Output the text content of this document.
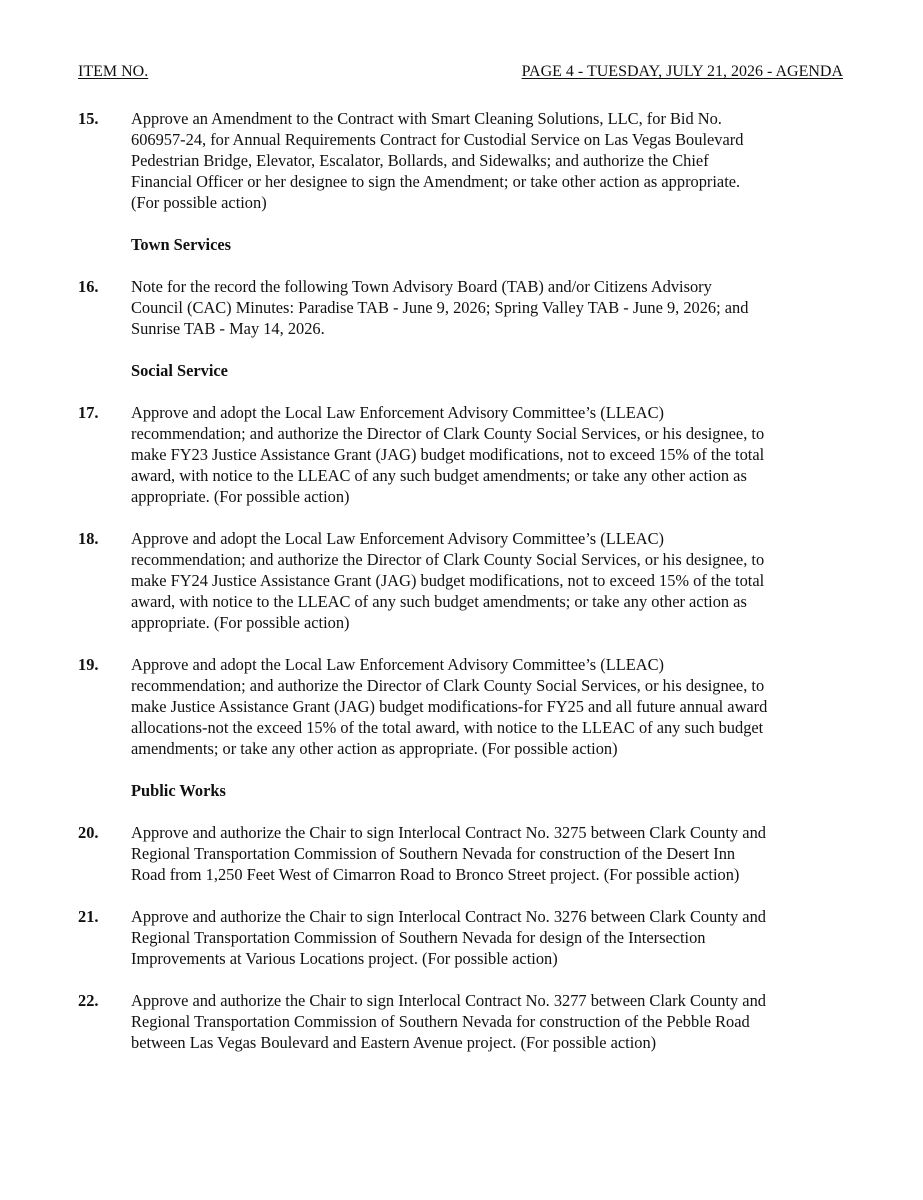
ITEM NO.	PAGE 4 - TUESDAY, JULY 21, 2026 - AGENDA
15.	Approve an Amendment to the Contract with Smart Cleaning Solutions, LLC, for Bid No.
606957-24, for Annual Requirements Contract for Custodial Service on Las Vegas Boulevard
Pedestrian Bridge, Elevator, Escalator, Bollards, and Sidewalks; and authorize the Chief
Financial Officer or her designee to sign the Amendment; or take other action as appropriate.
(For possible action)
Town Services
16.	Note for the record the following Town Advisory Board (TAB) and/or Citizens Advisory
Council (CAC) Minutes: Paradise TAB - June 9, 2026; Spring Valley TAB - June 9, 2026; and
Sunrise TAB - May 14, 2026.
Social Service
17.	Approve and adopt the Local Law Enforcement Advisory Committee’s (LLEAC)
recommendation; and authorize the Director of Clark County Social Services, or his designee, to
make FY23 Justice Assistance Grant (JAG) budget modifications, not to exceed 15% of the total
award, with notice to the LLEAC of any such budget amendments; or take any other action as
appropriate. (For possible action)
18.	Approve and adopt the Local Law Enforcement Advisory Committee’s (LLEAC)
recommendation; and authorize the Director of Clark County Social Services, or his designee, to
make FY24 Justice Assistance Grant (JAG) budget modifications, not to exceed 15% of the total
award, with notice to the LLEAC of any such budget amendments; or take any other action as
appropriate. (For possible action)
19.	Approve and adopt the Local Law Enforcement Advisory Committee’s (LLEAC)
recommendation; and authorize the Director of Clark County Social Services, or his designee, to
make Justice Assistance Grant (JAG) budget modifications-for FY25 and all future annual award
allocations-not the exceed 15% of the total award, with notice to the LLEAC of any such budget
amendments; or take any other action as appropriate. (For possible action)
Public Works
20.	Approve and authorize the Chair to sign Interlocal Contract No. 3275 between Clark County and
Regional Transportation Commission of Southern Nevada for construction of the Desert Inn
Road from 1,250 Feet West of Cimarron Road to Bronco Street project. (For possible action)
21.	Approve and authorize the Chair to sign Interlocal Contract No. 3276 between Clark County and
Regional Transportation Commission of Southern Nevada for design of the Intersection
Improvements at Various Locations project. (For possible action)
22.	Approve and authorize the Chair to sign Interlocal Contract No. 3277 between Clark County and
Regional Transportation Commission of Southern Nevada for construction of the Pebble Road
between Las Vegas Boulevard and Eastern Avenue project. (For possible action)
